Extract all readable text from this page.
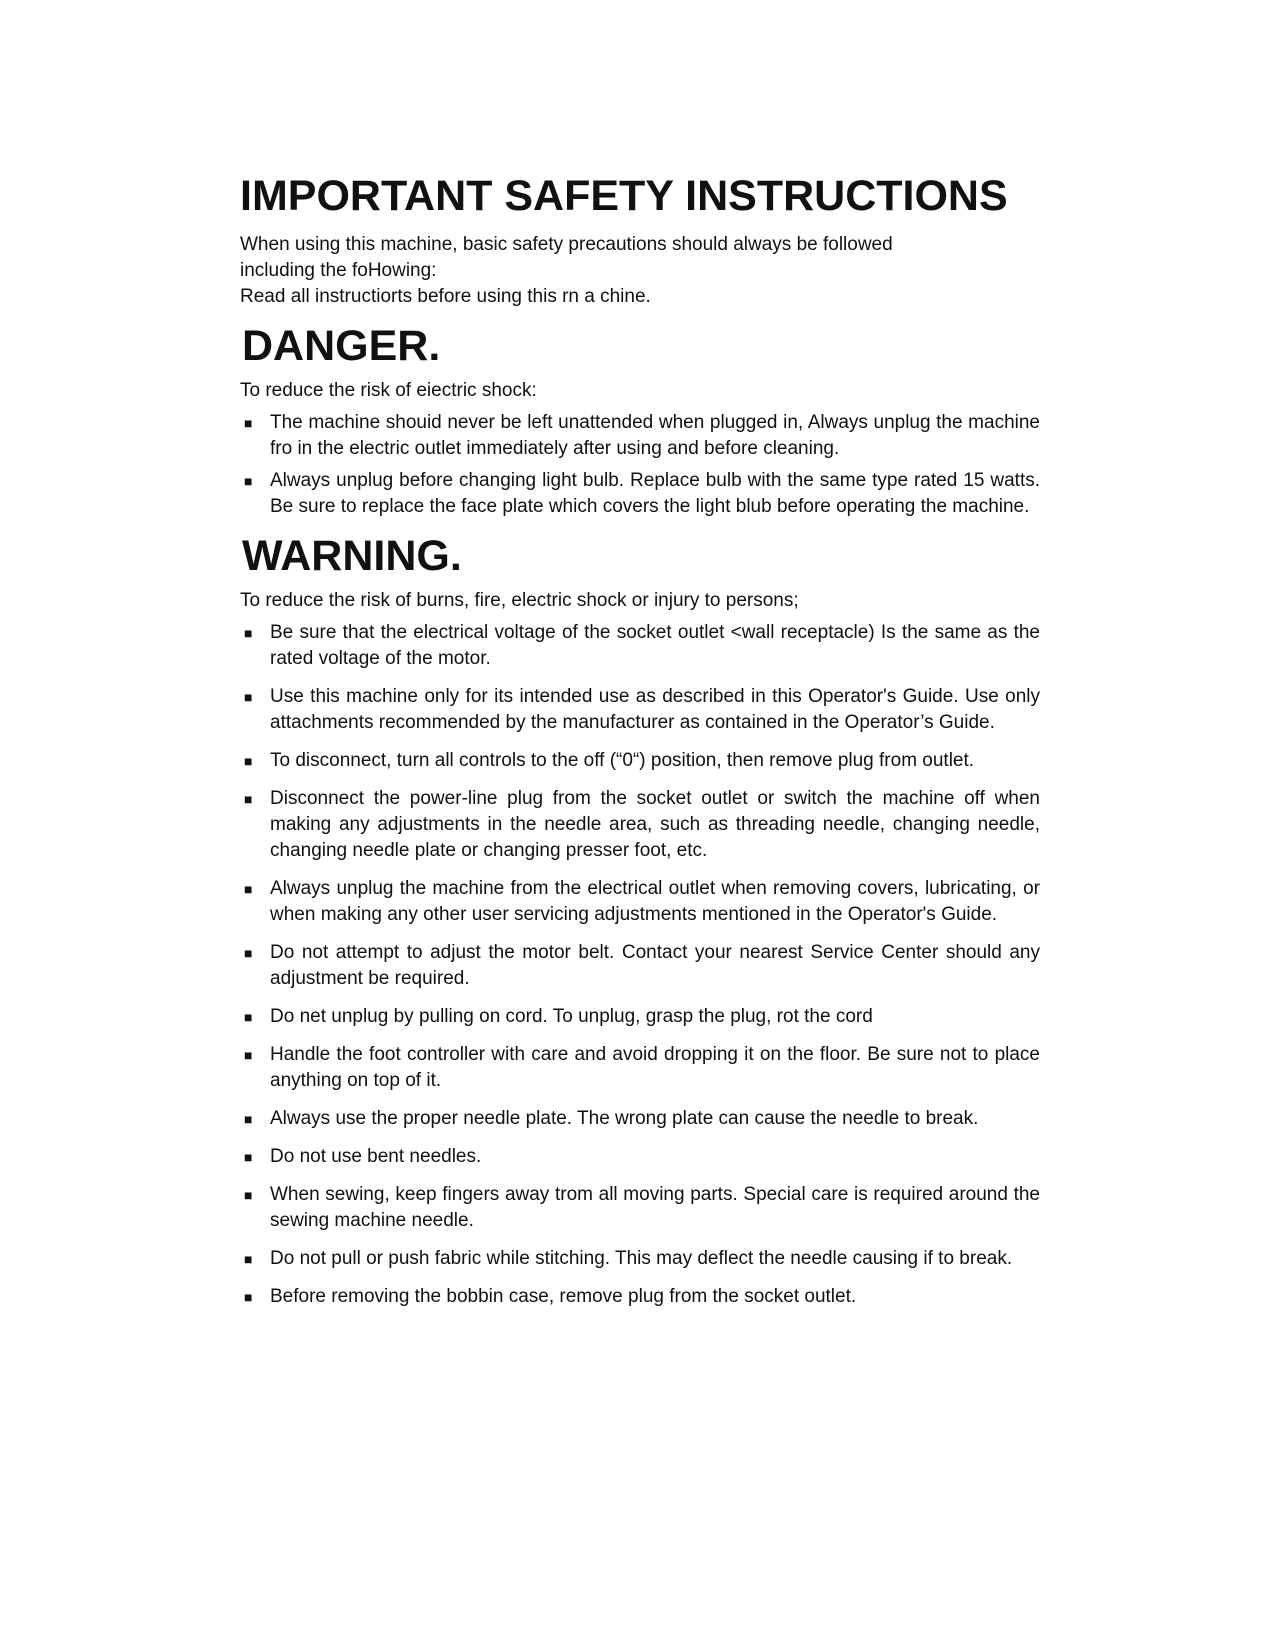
IMPORTANT SAFETY INSTRUCTIONS

When using this machine, basic safety precautions should always be followed

including the foHowing:

Read all instructiorts before using this rn a chine.

DANGER.

To reduce the risk of eiectric shock:

■ The machine shouid never be left unattended when plugged in, Always unplug the machine fro in the electric outlet immediately after using and before cleaning.
■ Always unplug before changing light bulb. Replace bulb with the same type rated 15 watts. Be sure to replace the face plate which covers the light blub before operating the machine.
WARNING.

To reduce the risk of burns, fire, electric shock or injury to persons;

■ Be sure that the electrical voltage of the socket outlet <wall receptacle) Is the same as the rated voltage of the motor.
■ Use this machine only for its intended use as described in this Operator's Guide. Use only attachments recommended by the manufacturer as contained in the Operator’s Guide.
■ To disconnect, turn all controls to the off (“0“) position, then remove plug from outlet.
■ Disconnect the power-line plug from the socket outlet or switch the machine off when making any adjustments in the needle area, such as threading needle, changing needle, changing needle plate or changing presser foot, etc.
■ Always unplug the machine from the electrical outlet when removing covers, lubricating, or when making any other user servicing adjustments mentioned in the Operator's Guide.
■ Do not attempt to adjust the motor belt. Contact your nearest Service Center should any adjustment be required.
■ Do net unplug by pulling on cord. To unplug, grasp the plug, rot the cord
■ Handle the foot controller with care and avoid dropping it on the floor. Be sure not to place anything on top of it.
■ Always use the proper needle plate. The wrong plate can cause the needle to break.
■ Do not use bent needles.
■ When sewing, keep fingers away trom all moving parts. Special care is required around the sewing machine needle.
■ Do not pull or push fabric while stitching. This may deflect the needle causing if to break.
■ Before removing the bobbin case, remove plug from the socket outlet.
